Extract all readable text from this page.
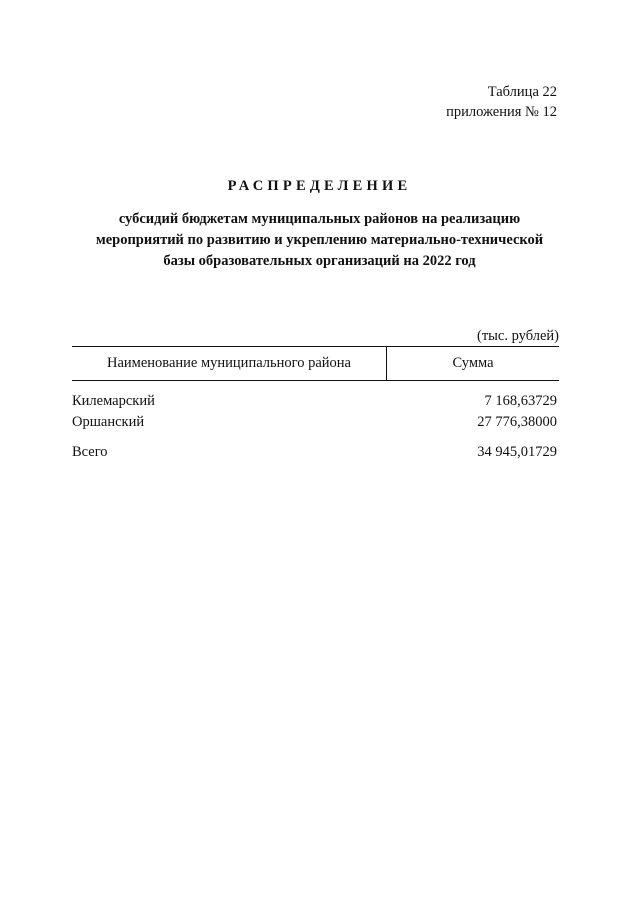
Таблица 22
приложения № 12
РАСПРЕДЕЛЕНИЕ
субсидий бюджетам муниципальных районов на реализацию
мероприятий по развитию и укреплению материально-технической
базы образовательных организаций на 2022 год
(тыс. рублей)
Наименование муниципального района	Сумма
Килемарский	7 168,63729
Оршанский	27 776,38000
Всего	34 945,01729
